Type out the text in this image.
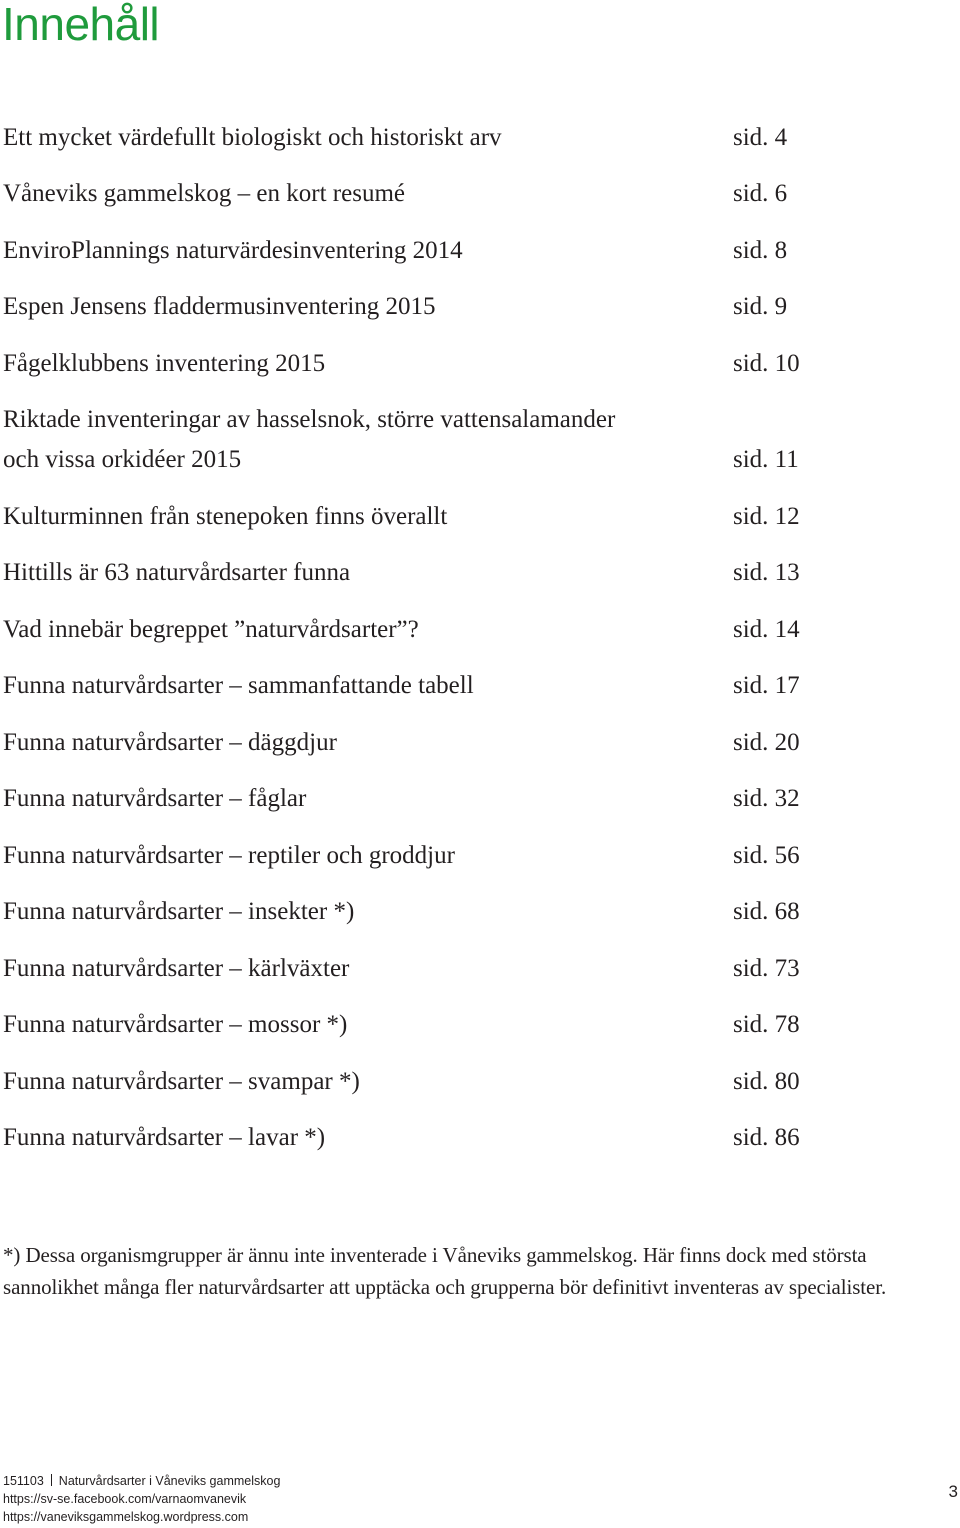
Innehåll
Ett mycket värdefullt biologiskt och historiskt arv	sid. 4
Våneviks gammelskog – en kort resumé	sid. 6
EnviroPlannings naturvärdesinventering 2014	sid. 8
Espen Jensens fladdermusinventering 2015	sid. 9
Fågelklubbens inventering 2015	sid. 10
Riktade inventeringar av hasselsnok, större vattensalamander
och vissa orkidéer 2015	sid. 11
Kulturminnen från stenepoken finns överallt	sid. 12
Hittills är 63 naturvårdsarter funna	sid. 13
Vad innebär begreppet ”naturvårdsarter”?	sid. 14
Funna naturvårdsarter – sammanfattande tabell	sid. 17
Funna naturvårdsarter – däggdjur	sid. 20
Funna naturvårdsarter – fåglar	sid. 32
Funna naturvårdsarter – reptiler och groddjur	sid. 56
Funna naturvårdsarter – insekter *)	sid. 68
Funna naturvårdsarter – kärlväxter	sid. 73
Funna naturvårdsarter – mossor *)	sid. 78
Funna naturvårdsarter – svampar *)	sid. 80
Funna naturvårdsarter – lavar *)	sid. 86

*) Dessa organismgrupper är ännu inte inventerade i Våneviks gammelskog. Här finns dock med största sannolikhet många fler naturvårdsarter att upptäcka och grupperna bör definitivt inventeras av specialister.

151103 Naturvårdsarter i Våneviks gammelskog
https://sv-se.facebook.com/varnaomvanevik
https://vaneviksgammelskog.wordpress.com
3
